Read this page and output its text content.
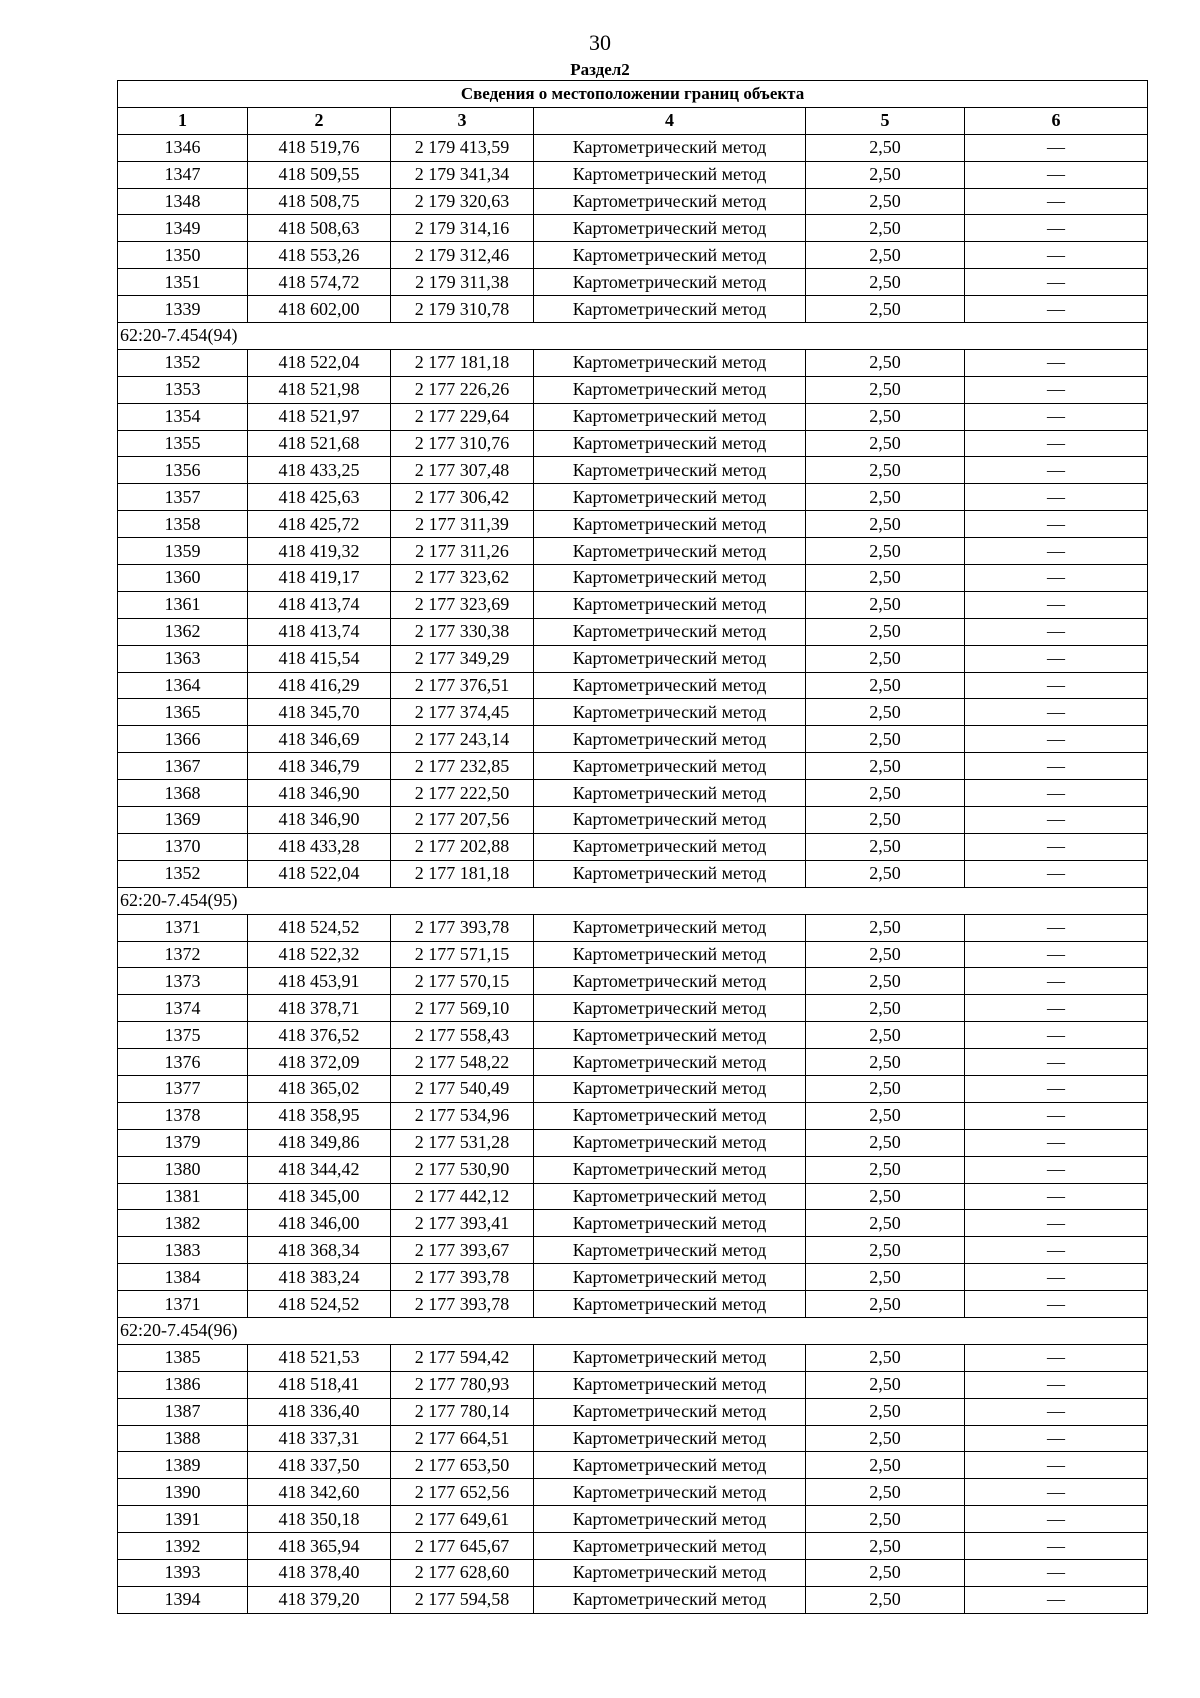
30
Раздел2
Сведения о местоположении границ объекта					
1	2	3	4	5	6
1346	418 519,76	2 179 413,59	Картометрический метод	2,50	—
1347	418 509,55	2 179 341,34	Картометрический метод	2,50	—
1348	418 508,75	2 179 320,63	Картометрический метод	2,50	—
1349	418 508,63	2 179 314,16	Картометрический метод	2,50	—
1350	418 553,26	2 179 312,46	Картометрический метод	2,50	—
1351	418 574,72	2 179 311,38	Картометрический метод	2,50	—
1339	418 602,00	2 179 310,78	Картометрический метод	2,50	—
62:20-7.454(94)					
1352	418 522,04	2 177 181,18	Картометрический метод	2,50	—
1353	418 521,98	2 177 226,26	Картометрический метод	2,50	—
1354	418 521,97	2 177 229,64	Картометрический метод	2,50	—
1355	418 521,68	2 177 310,76	Картометрический метод	2,50	—
1356	418 433,25	2 177 307,48	Картометрический метод	2,50	—
1357	418 425,63	2 177 306,42	Картометрический метод	2,50	—
1358	418 425,72	2 177 311,39	Картометрический метод	2,50	—
1359	418 419,32	2 177 311,26	Картометрический метод	2,50	—
1360	418 419,17	2 177 323,62	Картометрический метод	2,50	—
1361	418 413,74	2 177 323,69	Картометрический метод	2,50	—
1362	418 413,74	2 177 330,38	Картометрический метод	2,50	—
1363	418 415,54	2 177 349,29	Картометрический метод	2,50	—
1364	418 416,29	2 177 376,51	Картометрический метод	2,50	—
1365	418 345,70	2 177 374,45	Картометрический метод	2,50	—
1366	418 346,69	2 177 243,14	Картометрический метод	2,50	—
1367	418 346,79	2 177 232,85	Картометрический метод	2,50	—
1368	418 346,90	2 177 222,50	Картометрический метод	2,50	—
1369	418 346,90	2 177 207,56	Картометрический метод	2,50	—
1370	418 433,28	2 177 202,88	Картометрический метод	2,50	—
1352	418 522,04	2 177 181,18	Картометрический метод	2,50	—
62:20-7.454(95)					
1371	418 524,52	2 177 393,78	Картометрический метод	2,50	—
1372	418 522,32	2 177 571,15	Картометрический метод	2,50	—
1373	418 453,91	2 177 570,15	Картометрический метод	2,50	—
1374	418 378,71	2 177 569,10	Картометрический метод	2,50	—
1375	418 376,52	2 177 558,43	Картометрический метод	2,50	—
1376	418 372,09	2 177 548,22	Картометрический метод	2,50	—
1377	418 365,02	2 177 540,49	Картометрический метод	2,50	—
1378	418 358,95	2 177 534,96	Картометрический метод	2,50	—
1379	418 349,86	2 177 531,28	Картометрический метод	2,50	—
1380	418 344,42	2 177 530,90	Картометрический метод	2,50	—
1381	418 345,00	2 177 442,12	Картометрический метод	2,50	—
1382	418 346,00	2 177 393,41	Картометрический метод	2,50	—
1383	418 368,34	2 177 393,67	Картометрический метод	2,50	—
1384	418 383,24	2 177 393,78	Картометрический метод	2,50	—
1371	418 524,52	2 177 393,78	Картометрический метод	2,50	—
62:20-7.454(96)					
1385	418 521,53	2 177 594,42	Картометрический метод	2,50	—
1386	418 518,41	2 177 780,93	Картометрический метод	2,50	—
1387	418 336,40	2 177 780,14	Картометрический метод	2,50	—
1388	418 337,31	2 177 664,51	Картометрический метод	2,50	—
1389	418 337,50	2 177 653,50	Картометрический метод	2,50	—
1390	418 342,60	2 177 652,56	Картометрический метод	2,50	—
1391	418 350,18	2 177 649,61	Картометрический метод	2,50	—
1392	418 365,94	2 177 645,67	Картометрический метод	2,50	—
1393	418 378,40	2 177 628,60	Картометрический метод	2,50	—
1394	418 379,20	2 177 594,58	Картометрический метод	2,50	—
